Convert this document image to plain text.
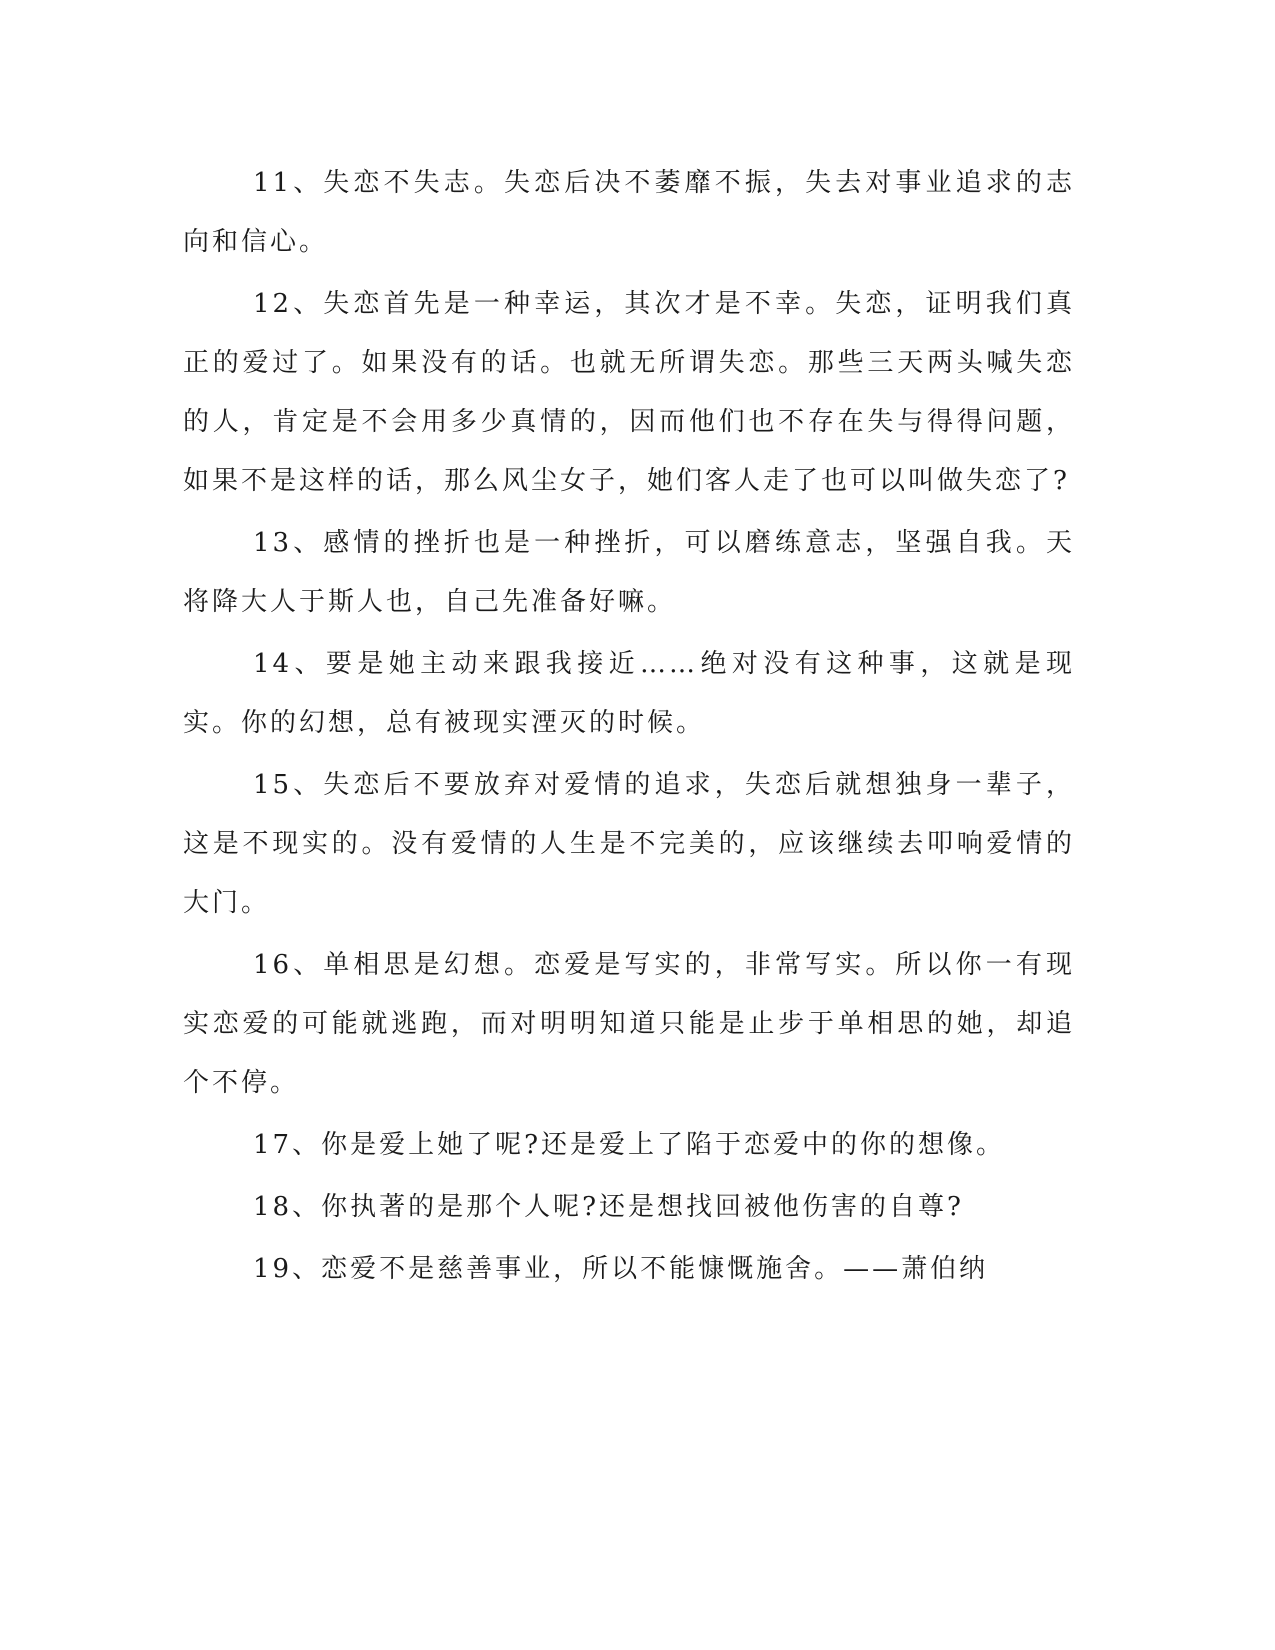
11、失恋不失志。失恋后决不萎靡不振，失去对事业追求的志向和信心。

12、失恋首先是一种幸运，其次才是不幸。失恋，证明我们真正的爱过了。如果没有的话。也就无所谓失恋。那些三天两头喊失恋的人，肯定是不会用多少真情的，因而他们也不存在失与得得问题，如果不是这样的话，那么风尘女子，她们客人走了也可以叫做失恋了?

13、感情的挫折也是一种挫折，可以磨练意志，坚强自我。天将降大人于斯人也，自己先准备好嘛。

14、要是她主动来跟我接近……绝对没有这种事，这就是现实。你的幻想，总有被现实湮灭的时候。

15、失恋后不要放弃对爱情的追求，失恋后就想独身一辈子，这是不现实的。没有爱情的人生是不完美的，应该继续去叩响爱情的大门。

16、单相思是幻想。恋爱是写实的，非常写实。所以你一有现实恋爱的可能就逃跑，而对明明知道只能是止步于单相思的她，却追个不停。

17、你是爱上她了呢?还是爱上了陷于恋爱中的你的想像。

18、你执著的是那个人呢?还是想找回被他伤害的自尊?

19、恋爱不是慈善事业，所以不能慷慨施舍。——萧伯纳
